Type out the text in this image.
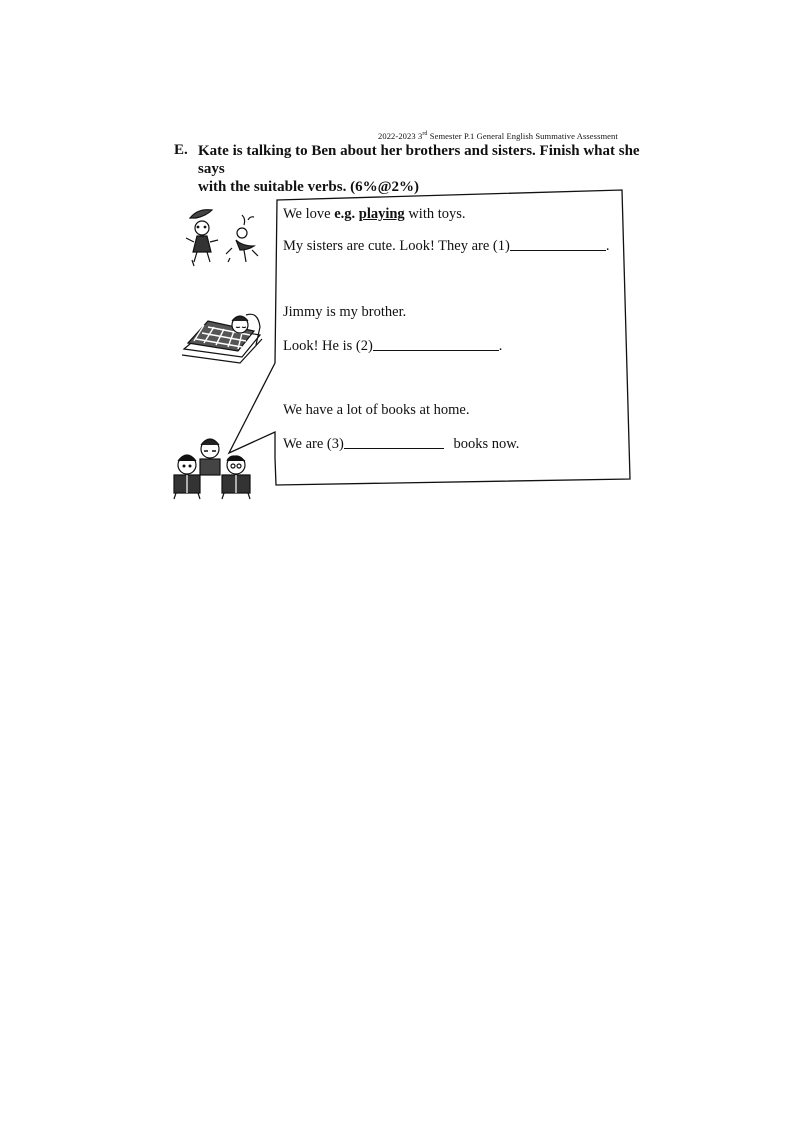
2022-2023 3rd Semester P.1 General English Summative Assessment
E. Kate is talking to Ben about her brothers and sisters. Finish what she says
with the suitable verbs. (6%@2%)
We love e.g. playing with toys.
My sisters are cute. Look! They are (1)	.
Jimmy is my brother.
Look! He is (2)	.
We have a lot of books at home.
We are (3)	books now.
